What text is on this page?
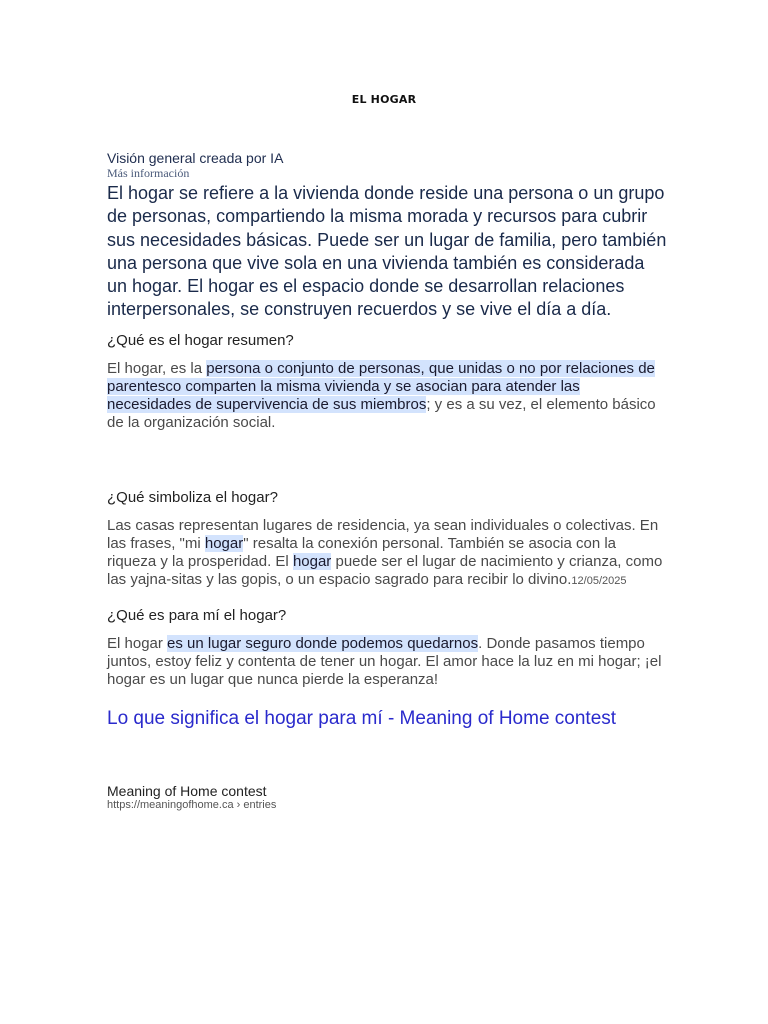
EL HOGAR
Visión general creada por IA
Más información
El hogar se refiere a la vivienda donde reside una persona o un grupo de personas, compartiendo la misma morada y recursos para cubrir sus necesidades básicas. Puede ser un lugar de familia, pero también una persona que vive sola en una vivienda también es considerada un hogar. El hogar es el espacio donde se desarrollan relaciones interpersonales, se construyen recuerdos y se vive el día a día.
¿Qué es el hogar resumen?
El hogar, es la persona o conjunto de personas, que unidas o no por relaciones de parentesco comparten la misma vivienda y se asocian para atender las necesidades de supervivencia de sus miembros; y es a su vez, el elemento básico de la organización social.
¿Qué simboliza el hogar?
Las casas representan lugares de residencia, ya sean individuales o colectivas. En las frases, "mi hogar" resalta la conexión personal. También se asocia con la riqueza y la prosperidad. El hogar puede ser el lugar de nacimiento y crianza, como las yajna-sitas y las gopis, o un espacio sagrado para recibir lo divino.12/05/2025
¿Qué es para mí el hogar?
El hogar es un lugar seguro donde podemos quedarnos. Donde pasamos tiempo juntos, estoy feliz y contenta de tener un hogar. El amor hace la luz en mi hogar; ¡el hogar es un lugar que nunca pierde la esperanza!
Lo que significa el hogar para mí - Meaning of Home contest
Meaning of Home contest
https://meaningofhome.ca › entries
